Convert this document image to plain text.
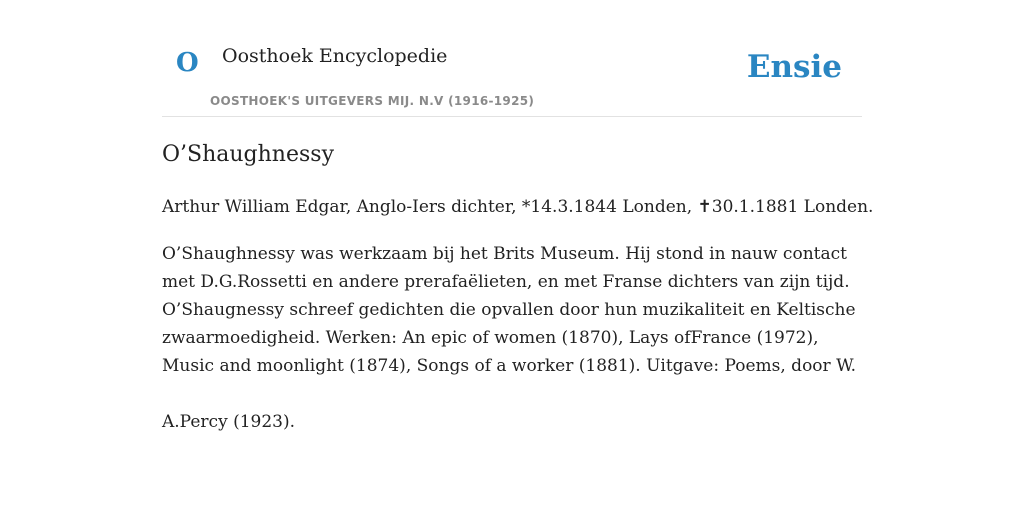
O Oosthoek Encyclopedie
OOSTHOEK'S UITGEVERS MIJ. N.V (1916-1925)
Ensie
O’Shaughnessy

Arthur William Edgar, Anglo-Iers dichter, *14.3.1844 Londen, ✝30.1.1881 Londen.

O’Shaughnessy was werkzaam bij het Brits Museum. Hij stond in nauw contact met D.G.Rossetti en andere prerafaëlieten, en met Franse dichters van zijn tijd. O’Shaugnessy schreef gedichten die opvallen door hun muzikaliteit en Keltische zwaarmoedigheid. Werken: An epic of women (1870), Lays ofFrance (1972), Music and moonlight (1874), Songs of a worker (1881). Uitgave: Poems, door W.

A.Percy (1923).
